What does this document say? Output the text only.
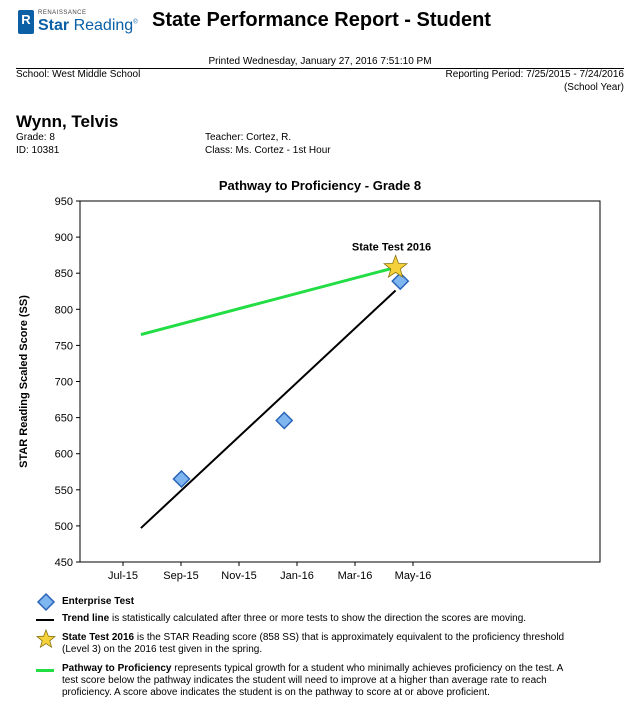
R	RENAISSANCE
Star Reading® State Performance Report - Student
Printed Wednesday, January 27, 2016 7:51:10 PM
School: West Middle School	Reporting Period: 7/25/2015 - 7/24/2016
(School Year)
Wynn, Telvis
Grade: 8
ID: 10381
Teacher: Cortez, R.
Class: Ms. Cortez - 1st Hour
Pathway to Proficiency - Grade 8
450
500
550
600
650
700
750
800
850
900
950
Jul-15 Sep-15 Nov-15 Jan-16 Mar-16 May-16
STAR Reading Scaled Score (SS)
State Test 2016
Enterprise Test
Trend line is statistically calculated after three or more tests to show the direction the scores are moving.
State Test 2016 is the STAR Reading score (858 SS) that is approximately equivalent to the proficiency threshold
(Level 3) on the 2016 test given in the spring.
Pathway to Proficiency represents typical growth for a student who minimally achieves proficiency on the test. A
test score below the pathway indicates the student will need to improve at a higher than average rate to reach
proficiency. A score above indicates the student is on the pathway to score at or above proficient.
